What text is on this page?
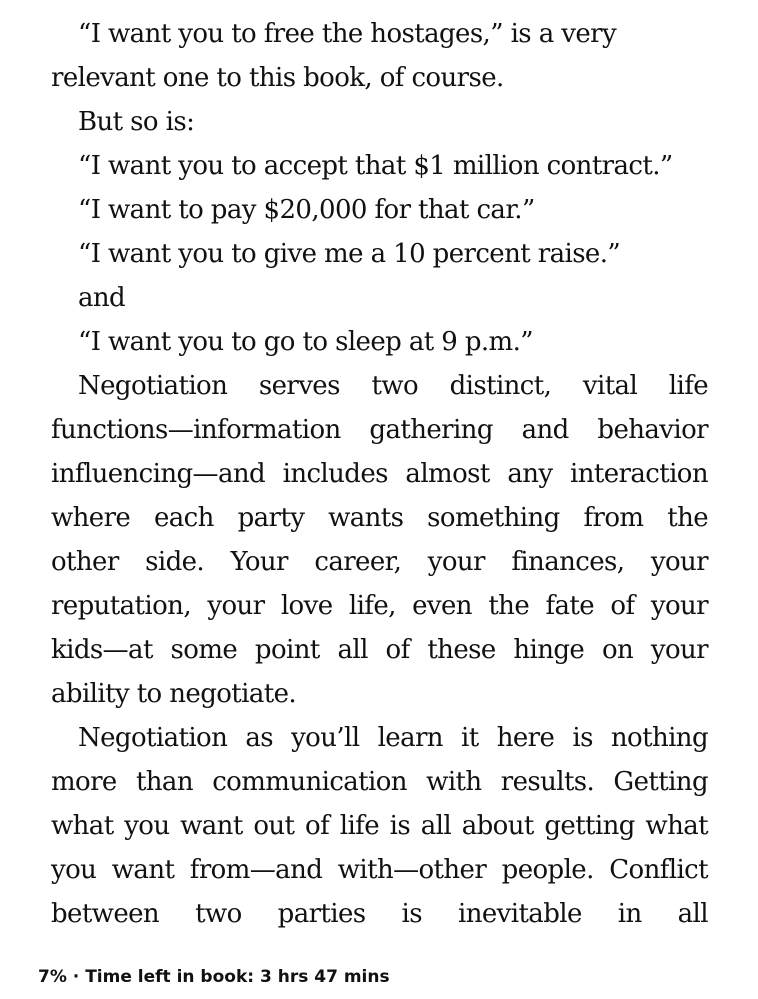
“I want you to free the hostages,” is a very
relevant one to this book, of course.
But so is:
“I want you to accept that $1 million contract.”
“I want to pay $20,000 for that car.”
“I want you to give me a 10 percent raise.”
and
“I want you to go to sleep at 9 p.m.”
Negotiation serves two distinct, vital life
functions—information gathering and behavior
influencing—and includes almost any interaction
where each party wants something from the
other side. Your career, your finances, your
reputation, your love life, even the fate of your
kids—at some point all of these hinge on your
ability to negotiate.
Negotiation as you’ll learn it here is nothing
more than communication with results. Getting
what you want out of life is all about getting what
you want from—and with—other people. Conflict
between two parties is inevitable in all
7% · Time left in book: 3 hrs 47 mins
